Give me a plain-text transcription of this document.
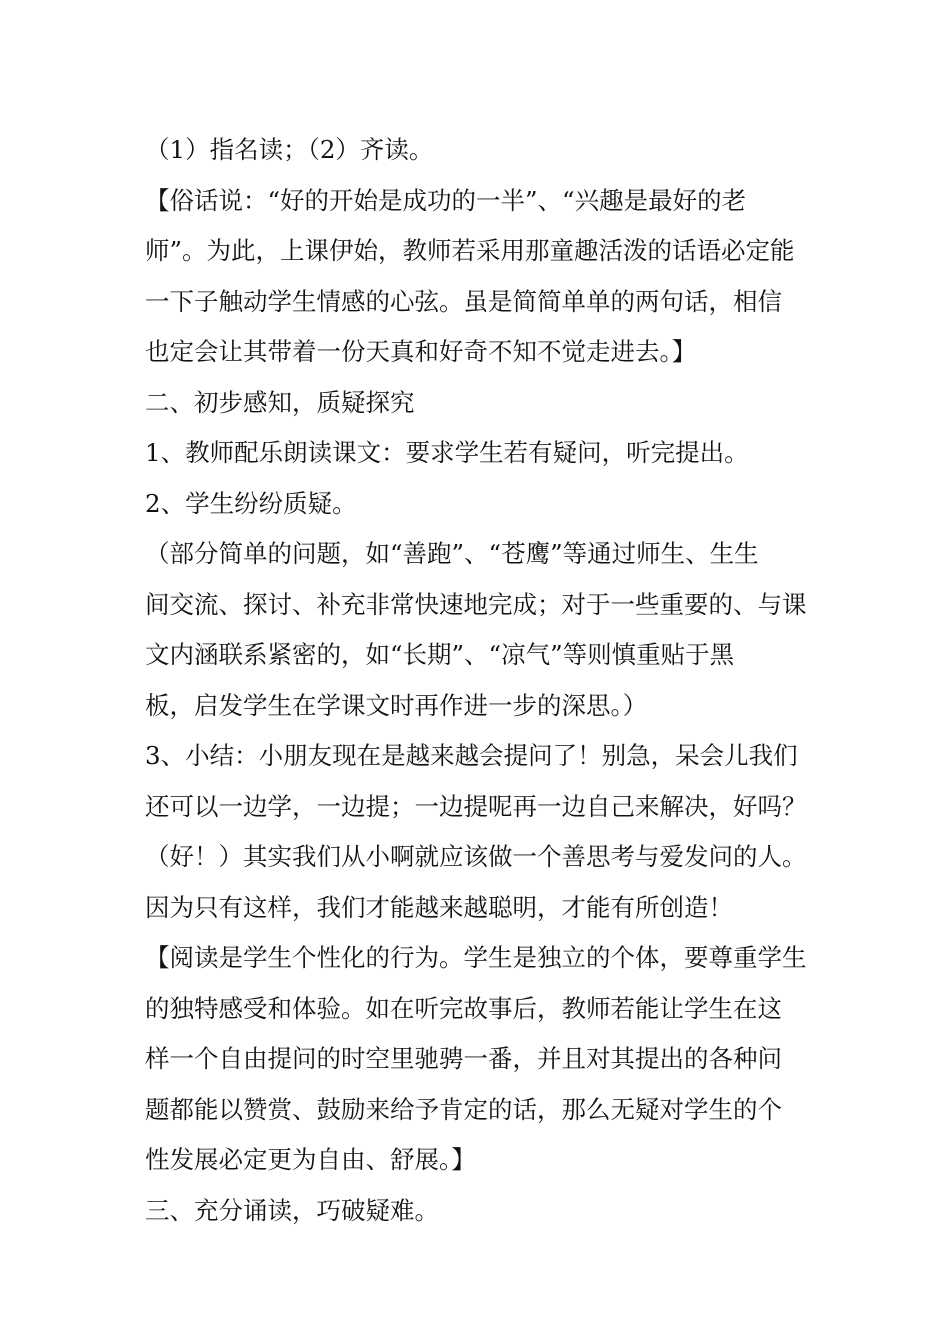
（1）指名读；（2）齐读。
【俗话说：“好的开始是成功的一半”、“兴趣是最好的老
师”。为此，上课伊始，教师若采用那童趣活泼的话语必定能
一下子触动学生情感的心弦。虽是简简单单的两句话，相信
也定会让其带着一份天真和好奇不知不觉走进去。】
二、初步感知，质疑探究
1、教师配乐朗读课文：要求学生若有疑问，听完提出。
2、学生纷纷质疑。
（部分简单的问题，如“善跑”、“苍鹰”等通过师生、生生
间交流、探讨、补充非常快速地完成；对于一些重要的、与课
文内涵联系紧密的，如“长期”、“凉气”等则慎重贴于黑
板，启发学生在学课文时再作进一步的深思。）
3、小结：小朋友现在是越来越会提问了！别急，呆会儿我们
还可以一边学，一边提；一边提呢再一边自己来解决，好吗？
（好！）其实我们从小啊就应该做一个善思考与爱发问的人。
因为只有这样，我们才能越来越聪明，才能有所创造！
【阅读是学生个性化的行为。学生是独立的个体，要尊重学生
的独特感受和体验。如在听完故事后，教师若能让学生在这
样一个自由提问的时空里驰骋一番，并且对其提出的各种问
题都能以赞赏、鼓励来给予肯定的话，那么无疑对学生的个
性发展必定更为自由、舒展。】
三、充分诵读，巧破疑难。
